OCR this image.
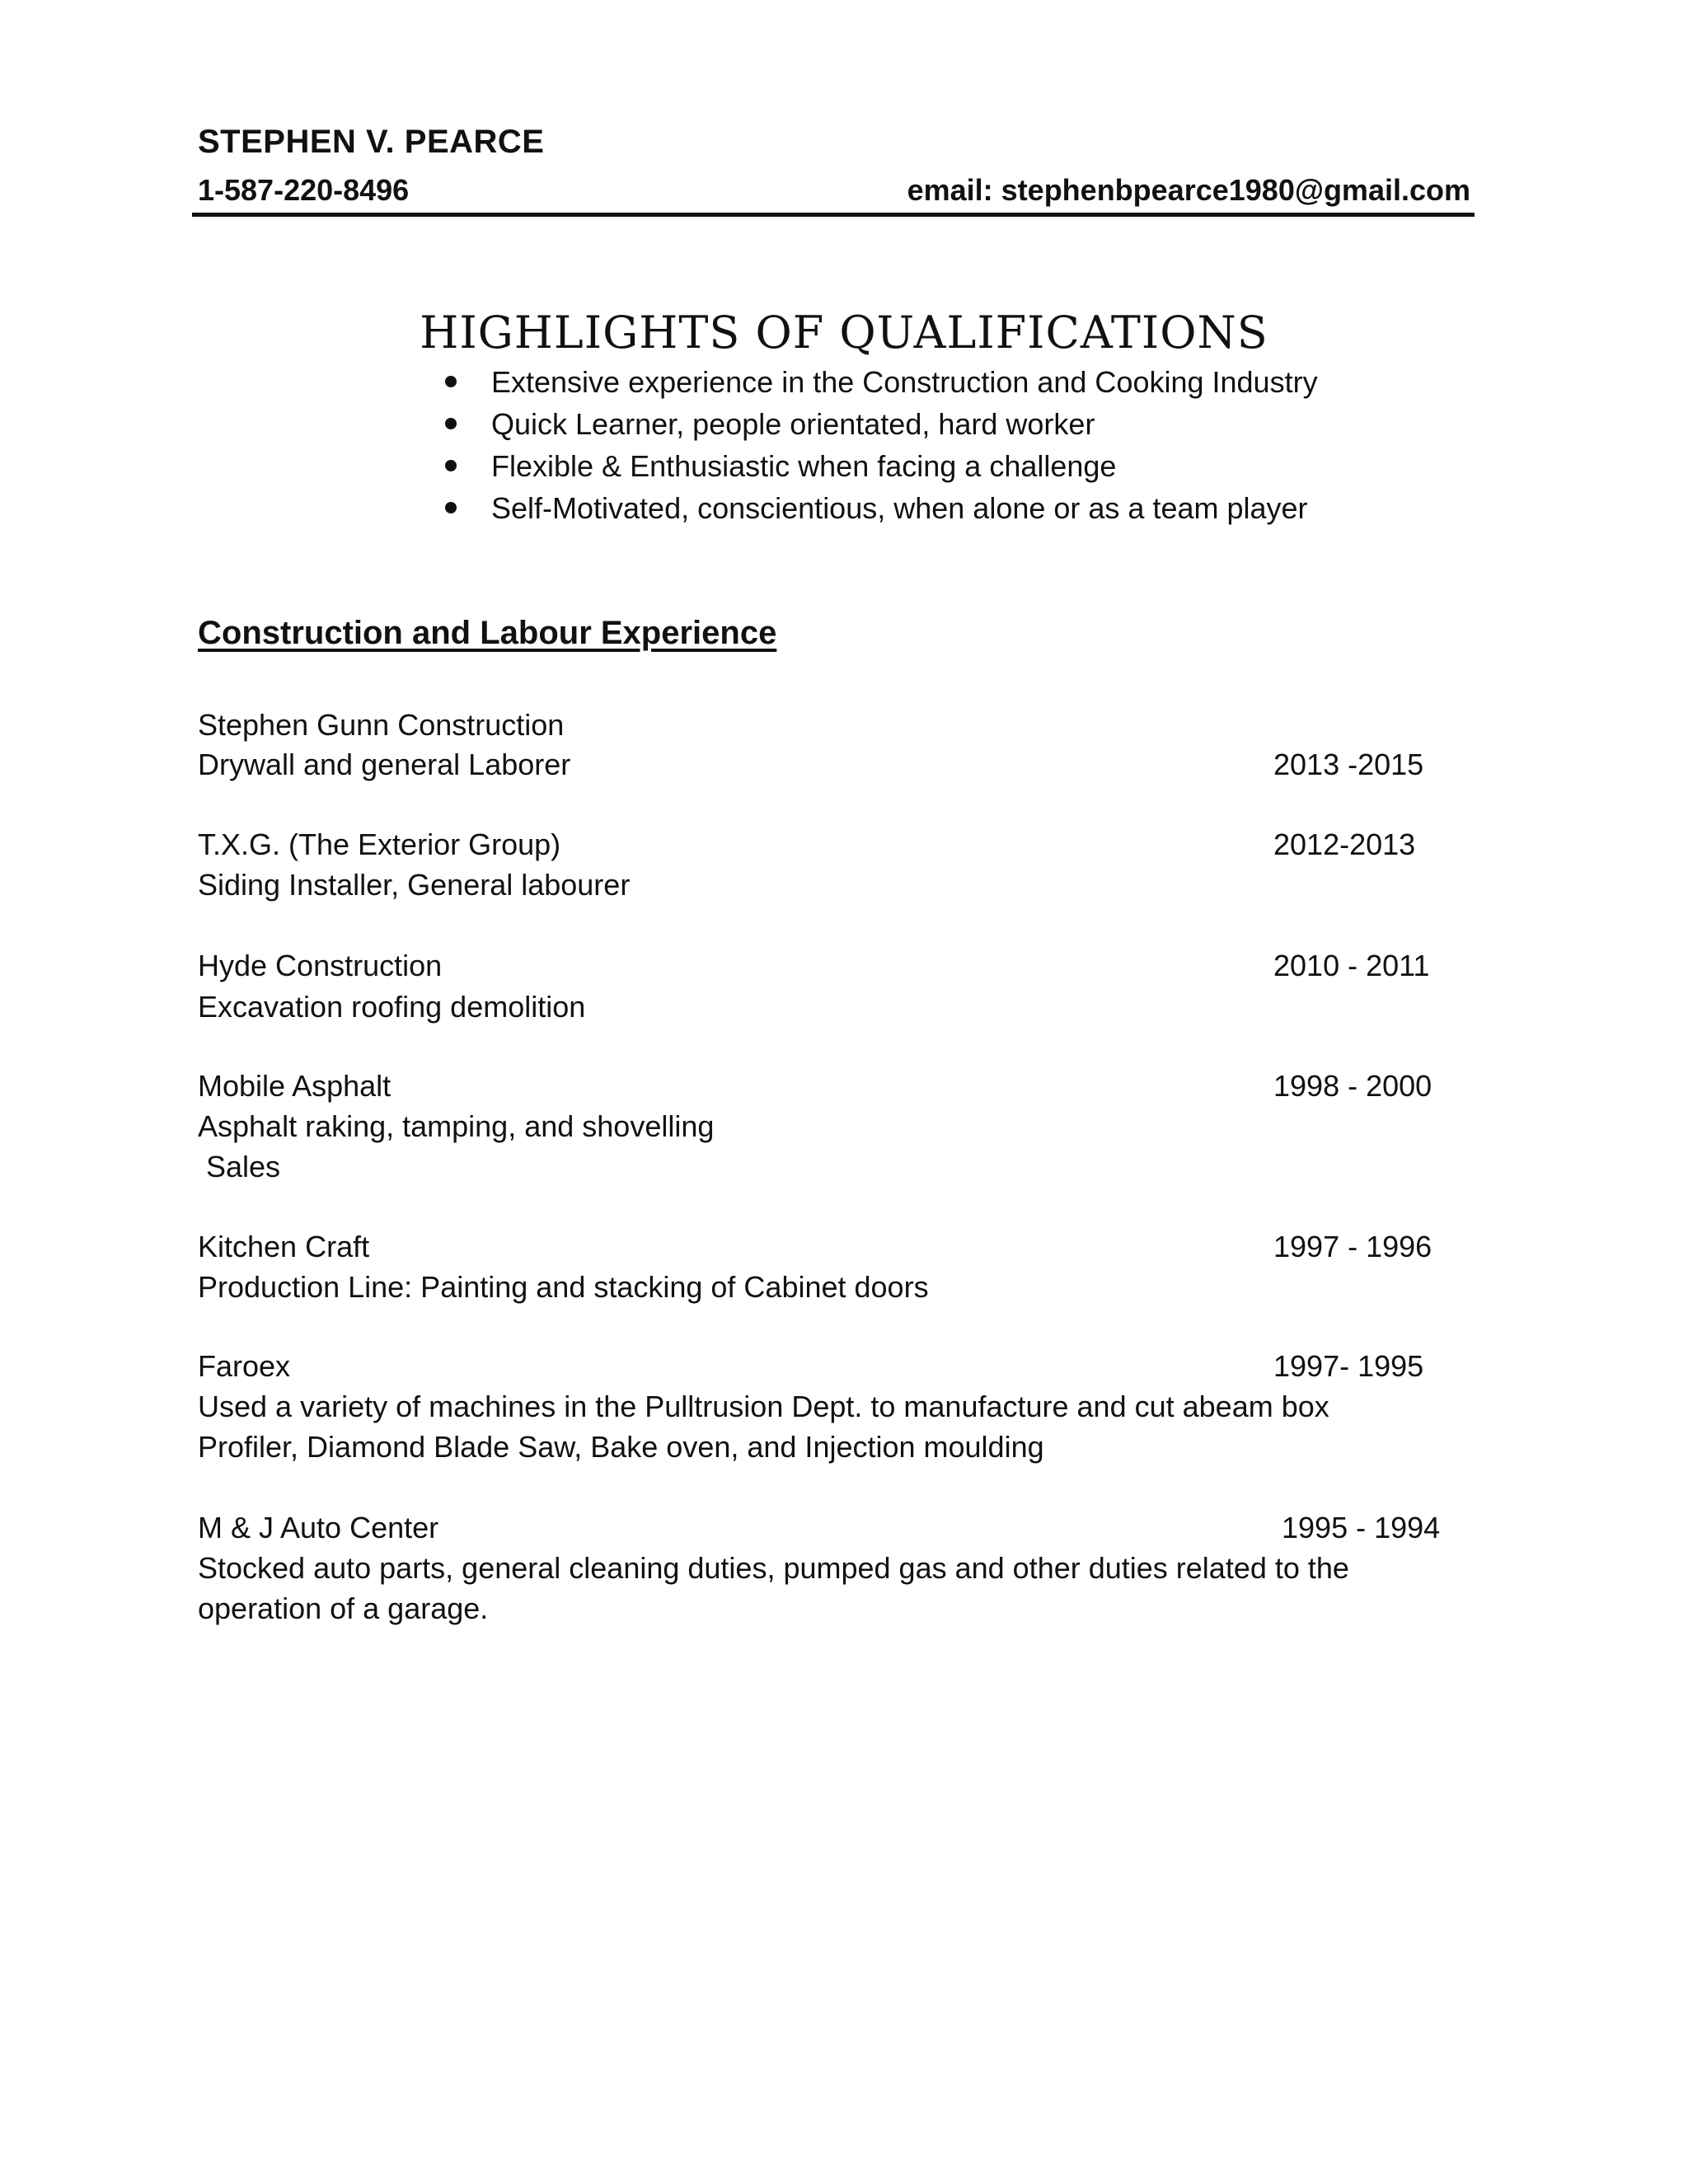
STEPHEN V. PEARCE
1-587-220-8496	email: stephenbpearce1980@gmail.com
HIGHLIGHTS OF QUALIFICATIONS
Extensive experience in the Construction and Cooking Industry
Quick Learner, people orientated, hard worker
Flexible & Enthusiastic when facing a challenge
Self-Motivated, conscientious, when alone or as a team player
Construction and Labour Experience
Stephen Gunn Construction
Drywall and general Laborer	2013 -2015
T.X.G. (The Exterior Group)	2012-2013
Siding Installer, General labourer
Hyde Construction	2010 - 2011
Excavation roofing demolition
Mobile Asphalt	1998 - 2000
Asphalt raking, tamping, and shovelling
Sales
Kitchen Craft	1997 - 1996
Production Line: Painting and stacking of Cabinet doors
Faroex	1997- 1995
Used a variety of machines in the Pulltrusion Dept. to manufacture and cut abeam box
Profiler, Diamond Blade Saw, Bake oven, and Injection moulding
M & J Auto Center	1995 - 1994
Stocked auto parts, general cleaning duties, pumped gas and other duties related to the
operation of a garage.
